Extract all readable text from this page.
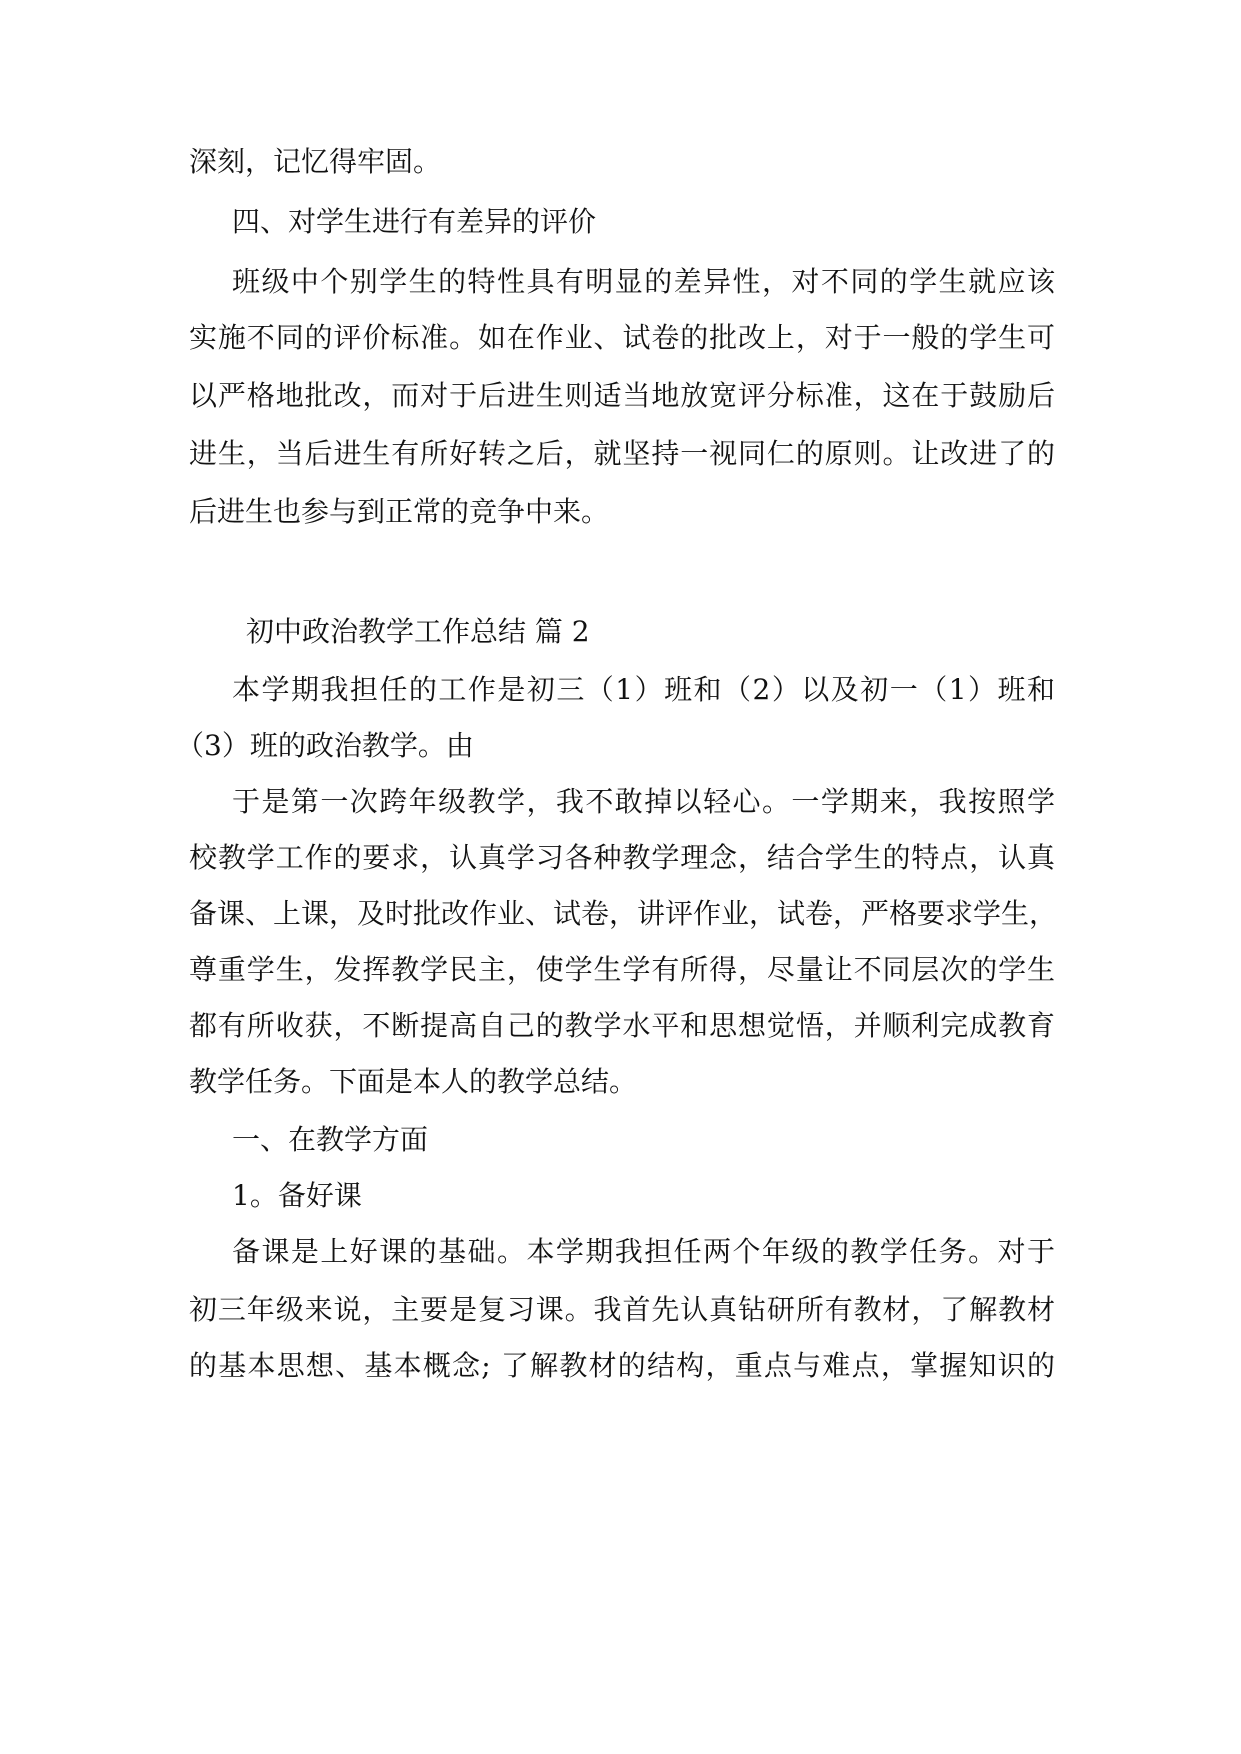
深刻，记忆得牢固。
四、对学生进行有差异的评价
班级中个别学生的特性具有明显的差异性，对不同的学生就应该
实施不同的评价标准。如在作业、试卷的批改上，对于一般的学生可
以严格地批改，而对于后进生则适当地放宽评分标准，这在于鼓励后
进生，当后进生有所好转之后，就坚持一视同仁的原则。让改进了的
后进生也参与到正常的竞争中来。
初中政治教学工作总结 篇 2
本学期我担任的工作是初三（1）班和（2）以及初一（1）班和
（3）班的政治教学。由
于是第一次跨年级教学，我不敢掉以轻心。一学期来，我按照学
校教学工作的要求，认真学习各种教学理念，结合学生的特点，认真
备课、上课，及时批改作业、试卷，讲评作业，试卷，严格要求学生，
尊重学生，发挥教学民主，使学生学有所得，尽量让不同层次的学生
都有所收获，不断提高自己的教学水平和思想觉悟，并顺利完成教育
教学任务。下面是本人的教学总结。
一、在教学方面
1。备好课
备课是上好课的基础。本学期我担任两个年级的教学任务。对于
初三年级来说，主要是复习课。我首先认真钻研所有教材，了解教材
的基本思想、基本概念; 了解教材的结构，重点与难点，掌握知识的
